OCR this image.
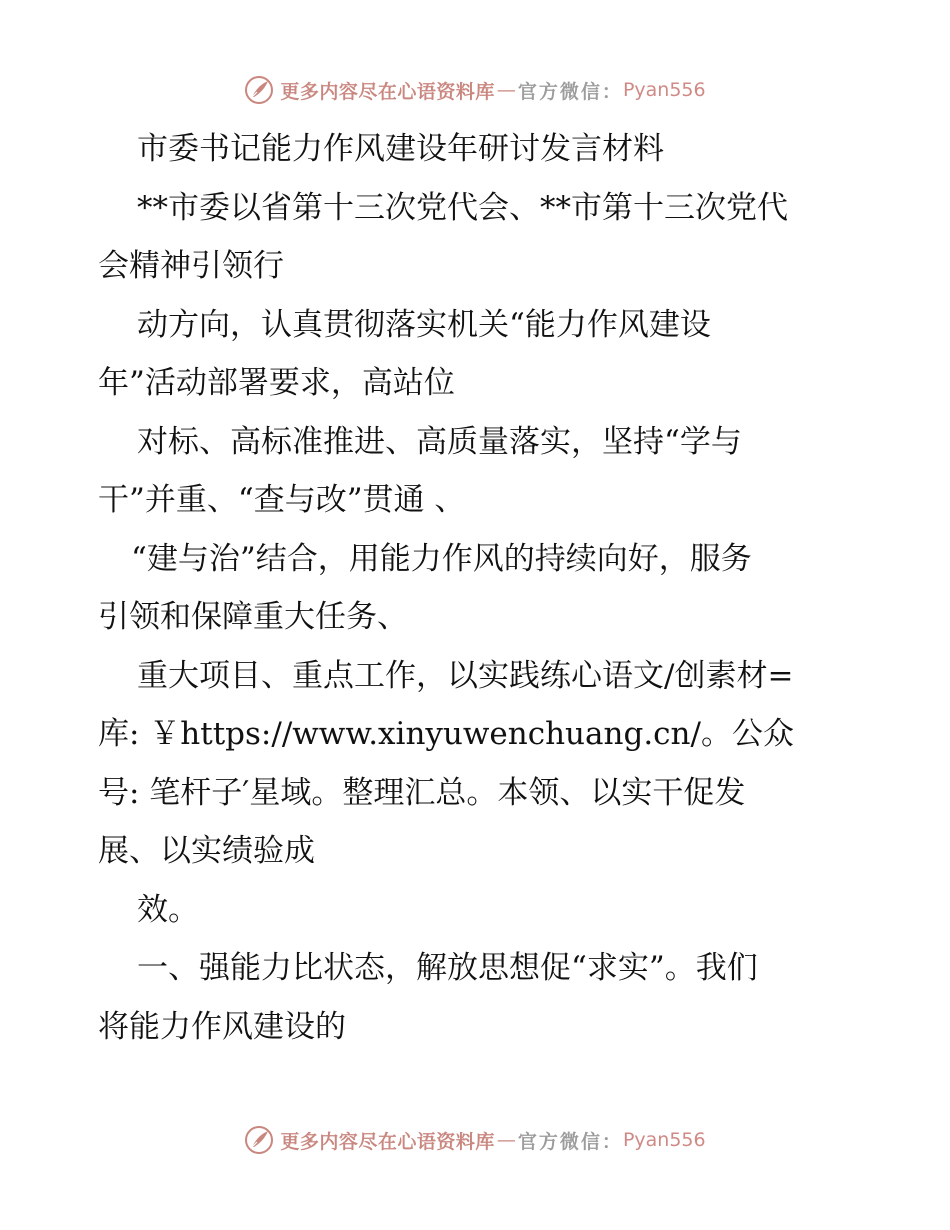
更多内容尽在心语资料库 — 官方微信： Pyan556
市委书记能力作风建设年研讨发言材料
**市委以省第十三次党代会、**市第十三次党代
会精神引领行
动方向，认真贯彻落实机关“能力作风建设
年”活动部署要求，高站位
对标、高标准推进、高质量落实，坚持“学与
干”并重、“查与改”贯通 、
“建与治”结合，用能力作风的持续向好，服务
引领和保障重大任务、
重大项目、重点工作，以实践练心语文/创素材=
库: ￥https://www.xinyuwenchuang.cn/。公众
号: 笔杆子′星域。整理汇总。本领、以实干促发
展、以实绩验成
效。
一、强能力比状态，解放思想促“求实”。我们
将能力作风建设的
更多内容尽在心语资料库 — 官方微信： Pyan556
